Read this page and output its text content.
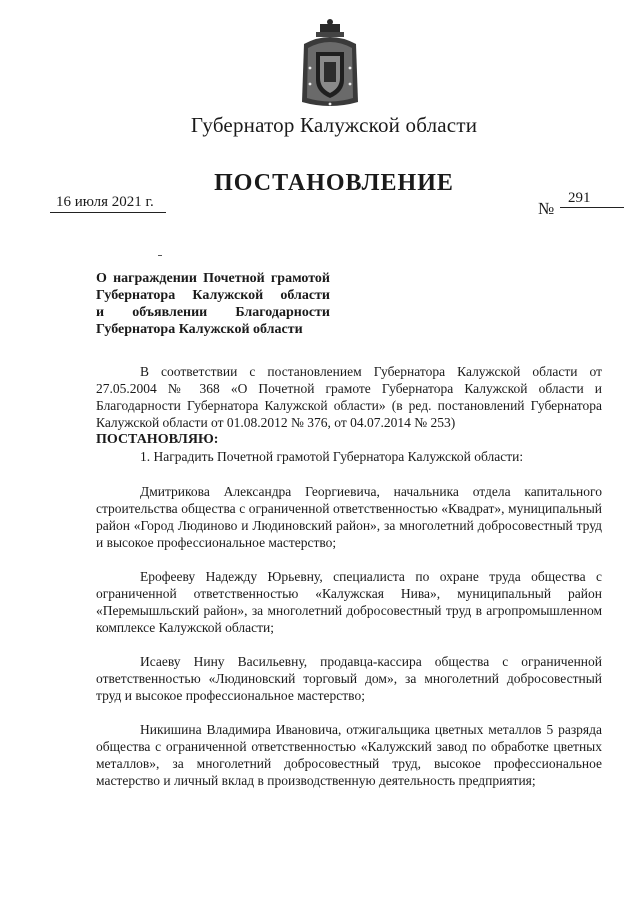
Губернатор Калужской области
ПОСТАНОВЛЕНИЕ
16 июля 2021 г.	№
291
О награждении Почетной грамотой
Губернатора Калужской области
и объявлении Благодарности
Губернатора Калужской области

В соответствии с постановлением Губернатора Калужской области от 27.05.2004 № 368 «О Почетной грамоте Губернатора Калужской области и Благодарности Губернатора Калужской области» (в ред. постановлений Губернатора Калужской области от 01.08.2012 № 376, от 04.07.2014 № 253)

ПОСТАНОВЛЯЮ:

1. Наградить Почетной грамотой Губернатора Калужской области:

Дмитрикова Александра Георгиевича, начальника отдела капитального строительства общества с ограниченной ответственностью «Квадрат», муниципальный район «Город Людиново и Людиновский район», за многолетний добросовестный труд и высокое профессиональное мастерство;

Ерофееву Надежду Юрьевну, специалиста по охране труда общества с ограниченной ответственностью «Калужская Нива», муниципальный район «Перемышльский район», за многолетний добросовестный труд в агропромышленном комплексе Калужской области;

Исаеву Нину Васильевну, продавца-кассира общества с ограниченной ответственностью «Людиновский торговый дом», за многолетний добросовестный труд и высокое профессиональное мастерство;

Никишина Владимира Ивановича, отжигальщика цветных металлов 5 разряда общества с ограниченной ответственностью «Калужский завод по обработке цветных металлов», за многолетний добросовестный труд, высокое профессиональное мастерство и личный вклад в производственную деятельность предприятия;
